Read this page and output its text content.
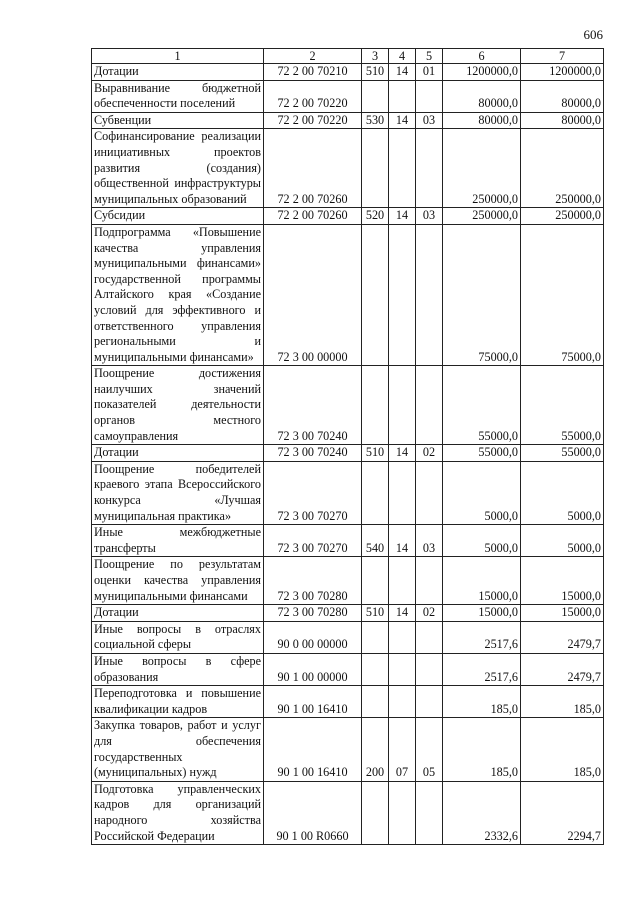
606
1	2	3	4	5	6	7
Дотации	72 2 00 70210	510	14	01	1200000,0	1200000,0
Выравнивание бюджетной обеспеченности поселений	72 2 00 70220				80000,0	80000,0
Субвенции	72 2 00 70220	530	14	03	80000,0	80000,0
Софинансирование реализации инициативных проектов развития (создания) общественной инфраструктуры муниципальных образований	72 2 00 70260				250000,0	250000,0
Субсидии	72 2 00 70260	520	14	03	250000,0	250000,0
Подпрограмма «Повышение качества управления муниципальными финансами» государственной программы Алтайского края «Создание условий для эффективного и ответственного управления региональными и муниципальными финансами»	72 3 00 00000				75000,0	75000,0
Поощрение достижения наилучших значений показателей деятельности органов местного самоуправления	72 3 00 70240				55000,0	55000,0
Дотации	72 3 00 70240	510	14	02	55000,0	55000,0
Поощрение победителей краевого этапа Всероссийского конкурса «Лучшая муниципальная практика»	72 3 00 70270				5000,0	5000,0
Иные межбюджетные трансферты	72 3 00 70270	540	14	03	5000,0	5000,0
Поощрение по результатам оценки качества управления муниципальными финансами	72 3 00 70280				15000,0	15000,0
Дотации	72 3 00 70280	510	14	02	15000,0	15000,0
Иные вопросы в отраслях социальной сферы	90 0 00 00000				2517,6	2479,7
Иные вопросы в сфере образования	90 1 00 00000				2517,6	2479,7
Переподготовка и повышение квалификации кадров	90 1 00 16410				185,0	185,0
Закупка товаров, работ и услуг для обеспечения государственных (муниципальных) нужд	90 1 00 16410	200	07	05	185,0	185,0
Подготовка управленческих кадров для организаций народного хозяйства Российской Федерации	90 1 00 R0660				2332,6	2294,7
